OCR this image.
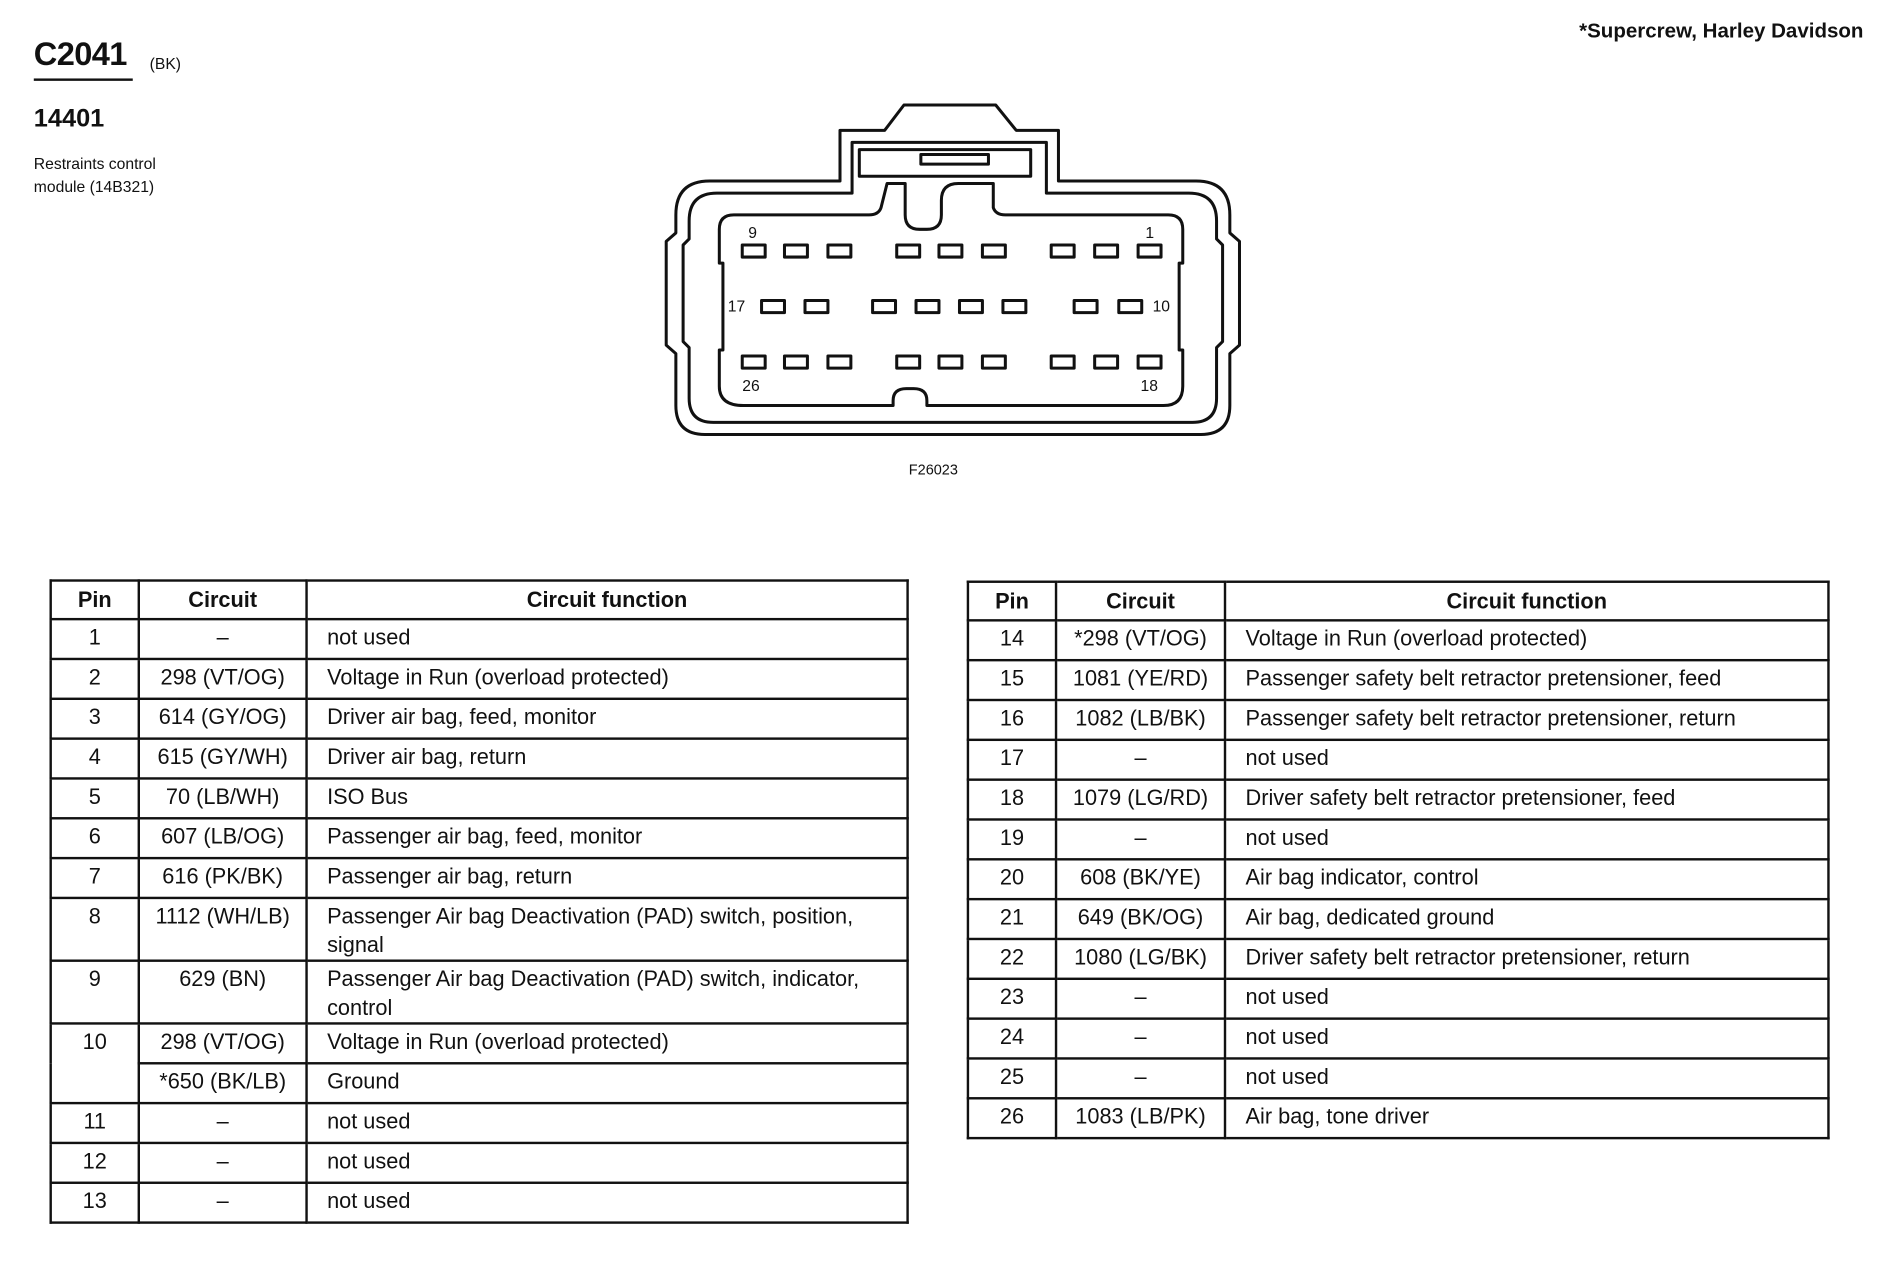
C2041 (BK)
14401
Restraints control
module (14B321)
*Supercrew, Harley Davidson
9	1
17	10
26	18
F26023
Pin	Circuit	Circuit function
1	–	not used
2	298 (VT/OG)	Voltage in Run (overload protected)
3	614 (GY/OG)	Driver air bag, feed, monitor
4	615 (GY/WH)	Driver air bag, return
5	70 (LB/WH)	ISO Bus
6	607 (LB/OG)	Passenger air bag, feed, monitor
7	616 (PK/BK)	Passenger air bag, return
8	1112 (WH/LB)	Passenger Air bag Deactivation (PAD) switch, position, signal
9	629 (BN)	Passenger Air bag Deactivation (PAD) switch, indicator, control
10	298 (VT/OG)	Voltage in Run (overload protected)
	*650 (BK/LB)	Ground
11	–	not used
12	–	not used
13	–	not used
Pin	Circuit	Circuit function
14	*298 (VT/OG)	Voltage in Run (overload protected)
15	1081 (YE/RD)	Passenger safety belt retractor pretensioner, feed
16	1082 (LB/BK)	Passenger safety belt retractor pretensioner, return
17	–	not used
18	1079 (LG/RD)	Driver safety belt retractor pretensioner, feed
19	–	not used
20	608 (BK/YE)	Air bag indicator, control
21	649 (BK/OG)	Air bag, dedicated ground
22	1080 (LG/BK)	Driver safety belt retractor pretensioner, return
23	–	not used
24	–	not used
25	–	not used
26	1083 (LB/PK)	Air bag, tone driver
